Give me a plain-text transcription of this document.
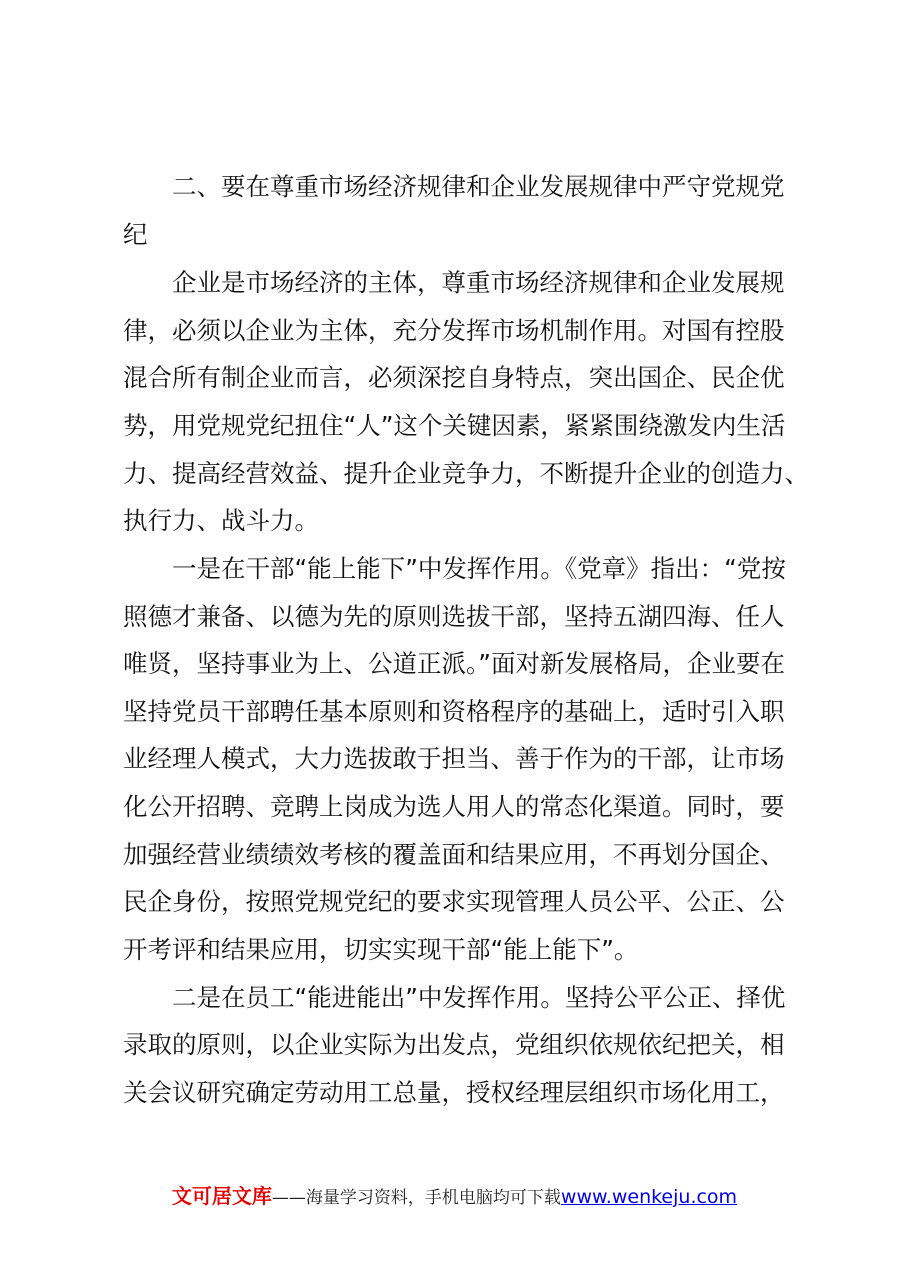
二、要在尊重市场经济规律和企业发展规律中严守党规党
纪
企业是市场经济的主体，尊重市场经济规律和企业发展规
律，必须以企业为主体，充分发挥市场机制作用。对国有控股
混合所有制企业而言，必须深挖自身特点，突出国企、民企优
势，用党规党纪扭住“人”这个关键因素，紧紧围绕激发内生活
力、提高经营效益、提升企业竞争力，不断提升企业的创造力、
执行力、战斗力。
一是在干部“能上能下”中发挥作用。《党章》指出：“党按
照德才兼备、以德为先的原则选拔干部，坚持五湖四海、任人
唯贤，坚持事业为上、公道正派。”面对新发展格局，企业要在
坚持党员干部聘任基本原则和资格程序的基础上，适时引入职
业经理人模式，大力选拔敢于担当、善于作为的干部，让市场
化公开招聘、竞聘上岗成为选人用人的常态化渠道。同时，要
加强经营业绩绩效考核的覆盖面和结果应用，不再划分国企、
民企身份，按照党规党纪的要求实现管理人员公平、公正、公
开考评和结果应用，切实实现干部“能上能下”。
二是在员工“能进能出”中发挥作用。坚持公平公正、择优
录取的原则，以企业实际为出发点，党组织依规依纪把关，相
关会议研究确定劳动用工总量，授权经理层组织市场化用工，
文可居文库——海量学习资料，手机电脑均可下载www.wenkeju.com
